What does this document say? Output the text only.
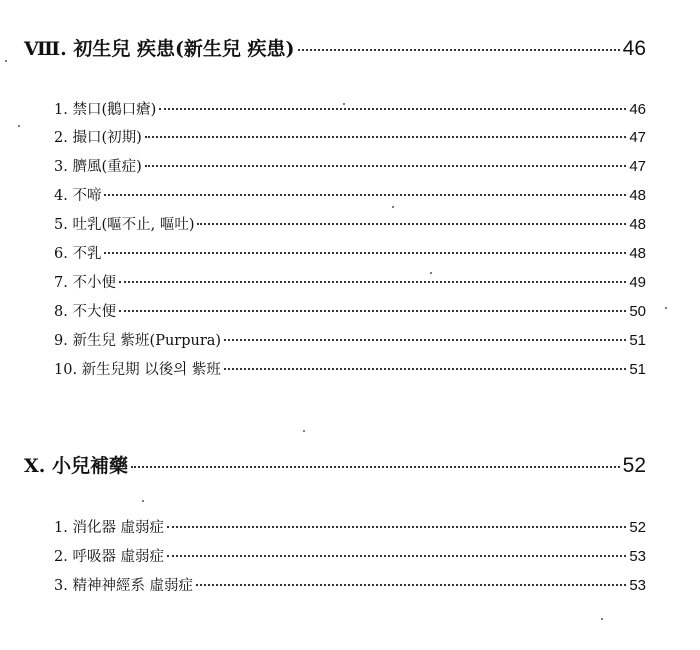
Ⅷ. 初生兒 疾患(新生兒 疾患)	46
1. 禁口(鵝口瘡)	46
2. 撮口(初期)	47
3. 臍風(重症)	47
4. 不啼	48
5. 吐乳(嘔不止, 嘔吐)	48
6. 不乳	48
7. 不小便	49
8. 不大便	50
9. 新生兒 紫班(Purpura)	51
10. 新生兒期 以後의 紫班	51
X. 小兒補藥	52
1. 消化器 虛弱症	52
2. 呼吸器 虛弱症	53
3. 精神神經系 虛弱症	53
